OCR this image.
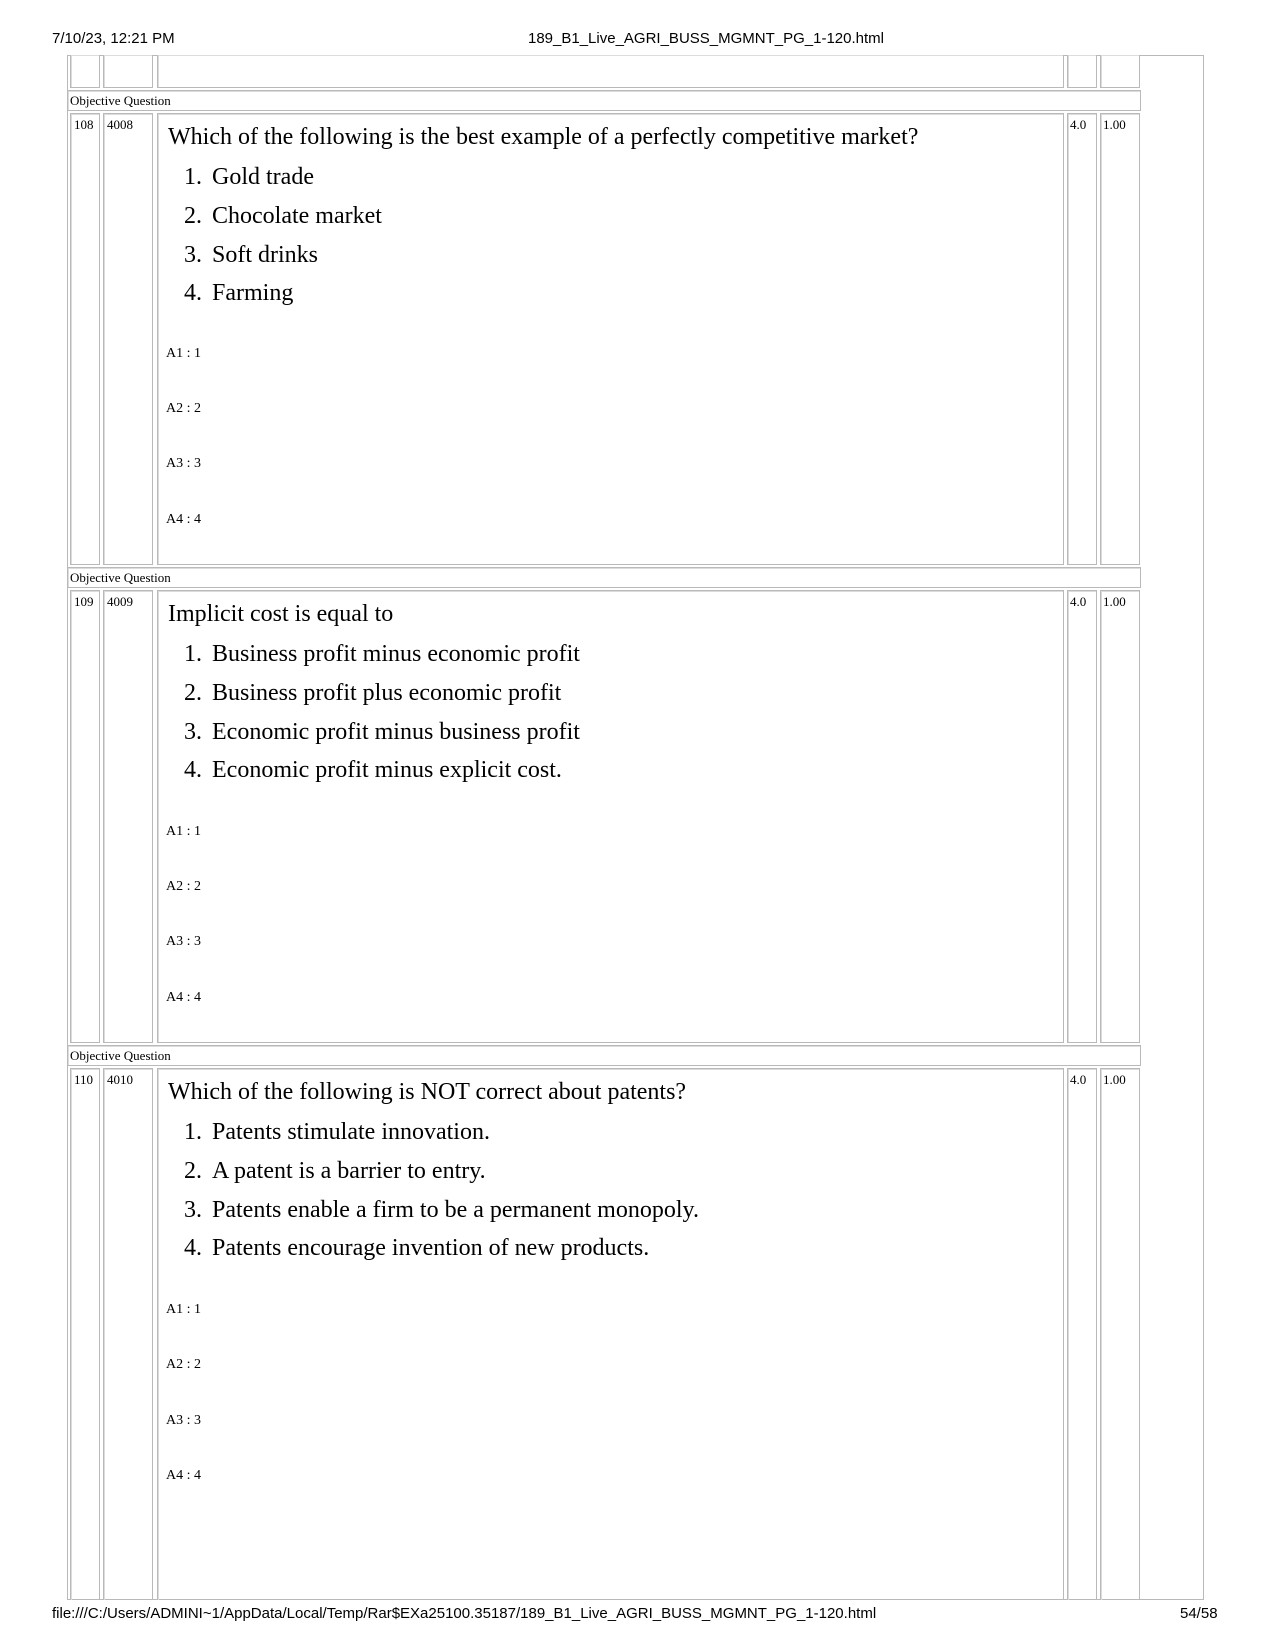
7/10/23, 12:21 PM	189_B1_Live_AGRI_BUSS_MGMNT_PG_1-120.html
Objective Question
108 4008 Which of the following is the best example of a perfectly competitive market?
1. Gold trade
2. Chocolate market
3. Soft drinks
4. Farming
A1 : 1
A2 : 2
A3 : 3
A4 : 4
4.0 1.00
Objective Question
109 4009 Implicit cost is equal to
1. Business profit minus economic profit
2. Business profit plus economic profit
3. Economic profit minus business profit
4. Economic profit minus explicit cost.
A1 : 1
A2 : 2
A3 : 3
A4 : 4
4.0 1.00
Objective Question
110 4010 Which of the following is NOT correct about patents?
1. Patents stimulate innovation.
2. A patent is a barrier to entry.
3. Patents enable a firm to be a permanent monopoly.
4. Patents encourage invention of new products.
A1 : 1
A2 : 2
A3 : 3
A4 : 4
4.0 1.00
file:///C:/Users/ADMINI~1/AppData/Local/Temp/Rar$EXa25100.35187/189_B1_Live_AGRI_BUSS_MGMNT_PG_1-120.html	54/58
